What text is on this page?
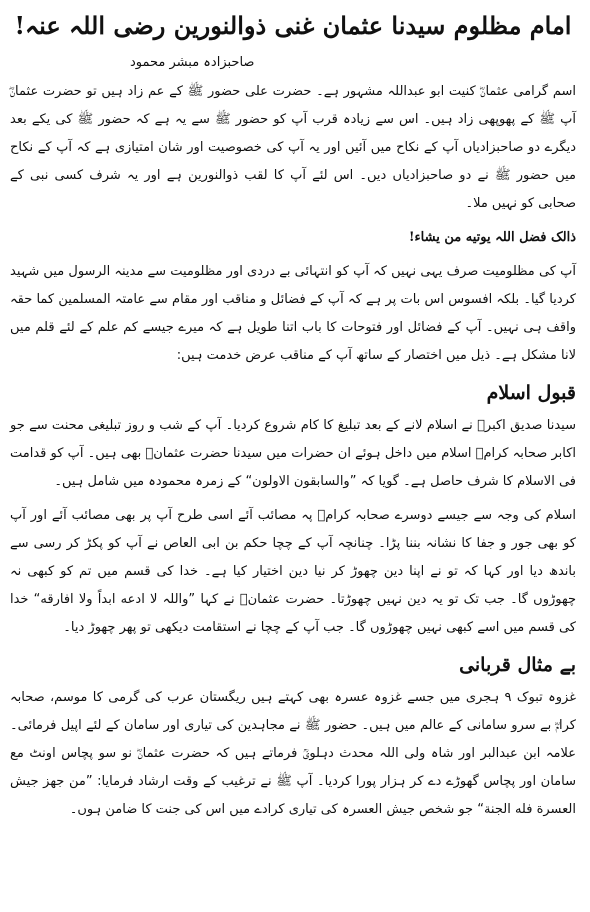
امام مظلوم سیدنا عثمان غنی ذوالنورین رضی اللہ عنہ!
صاحبزادہ مبشر محمود

اسم گرامی عثمانؓ کنیت ابو عبداللہ مشہور ہے۔ حضرت علی حضور ﷺ کے عم زاد ہیں تو حضرت عثمانؓ آپ ﷺ کے پھوپھی زاد ہیں۔ اس سے زیادہ قرب آپ کو حضور ﷺ سے یہ ہے کہ حضور ﷺ کی یکے بعد دیگرے دو صاحبزادیاں آپ کے نکاح میں آئیں اور یہ آپ کی خصوصیت اور شان امتیازی ہے کہ آپ کے نکاح میں حضور ﷺ نے دو صاحبزادیاں دیں۔ اس لئے آپ کا لقب ذوالنورین ہے اور یہ شرف کسی نبی کے صحابی کو نہیں ملا۔

ذالک فضل اللہ یوتیه من یشاء!

آپ کی مظلومیت صرف یہی نہیں کہ آپ کو انتہائی بے دردی اور مظلومیت سے مدینہ الرسول میں شہید کردیا گیا۔ بلکہ افسوس اس بات پر ہے کہ آپ کے فضائل و مناقب اور مقام سے عامتہ المسلمین کما حقہ واقف ہی نہیں۔ آپ کے فضائل اور فتوحات کا باب اتنا طویل ہے کہ میرے جیسے کم علم کے لئے قلم میں لانا مشکل ہے۔ ذیل میں اختصار کے ساتھ آپ کے مناقب عرض خدمت ہیں:

قبول اسلام

سیدنا صدیق اکبرؓ نے اسلام لانے کے بعد تبلیغ کا کام شروع کردیا۔ آپ کے شب و روز تبلیغی محنت سے جو اکابر صحابہ کرامؓ اسلام میں داخل ہوئے ان حضرات میں سیدنا حضرت عثمانؓ بھی ہیں۔ آپ کو قدامت فی الاسلام کا شرف حاصل ہے۔ گویا کہ ”والسابقون الاولون“ کے زمرہ محمودہ میں شامل ہیں۔

اسلام کی وجہ سے جیسے دوسرے صحابہ کرامؓ پہ مصائب آئے اسی طرح آپ پر بھی مصائب آئے اور آپ کو بھی جور و جفا کا نشانہ بننا پڑا۔ چنانچہ آپ کے چچا حکم بن ابی العاص نے آپ کو پکڑ کر رسی سے باندھ دیا اور کہا کہ تو نے اپنا دین چھوڑ کر نیا دین اختیار کیا ہے۔ خدا کی قسم میں تم کو کبھی نہ چھوڑوں گا۔ جب تک تو یہ دین نہیں چھوڑتا۔ حضرت عثمانؓ نے کہا ”واللہ لا ادعه ابداً ولا افارقه“ خدا کی قسم میں اسے کبھی نہیں چھوڑوں گا۔ جب آپ کے چچا نے استقامت دیکھی تو پھر چھوڑ دیا۔

بے مثال قربانی

غزوہ تبوک ۹ ہجری میں جسے غزوہ عسرہ بھی کہتے ہیں ریگستان عرب کی گرمی کا موسم، صحابہ کرامؓ بے سرو سامانی کے عالم میں ہیں۔ حضور ﷺ نے مجاہدین کی تیاری اور سامان کے لئے اپیل فرمائی۔ علامہ ابن عبدالبر اور شاہ ولی اللہ محدث دہلویؒ فرماتے ہیں کہ حضرت عثمانؓ نو سو پچاس اونٹ مع سامان اور پچاس گھوڑے دے کر ہزار پورا کردیا۔ آپ ﷺ نے ترغیب کے وقت ارشاد فرمایا: ”من جهز جيش العسرة فله الجنة“ جو شخص جیش العسرہ کی تیاری کرادے میں اس کی جنت کا ضامن ہوں۔
